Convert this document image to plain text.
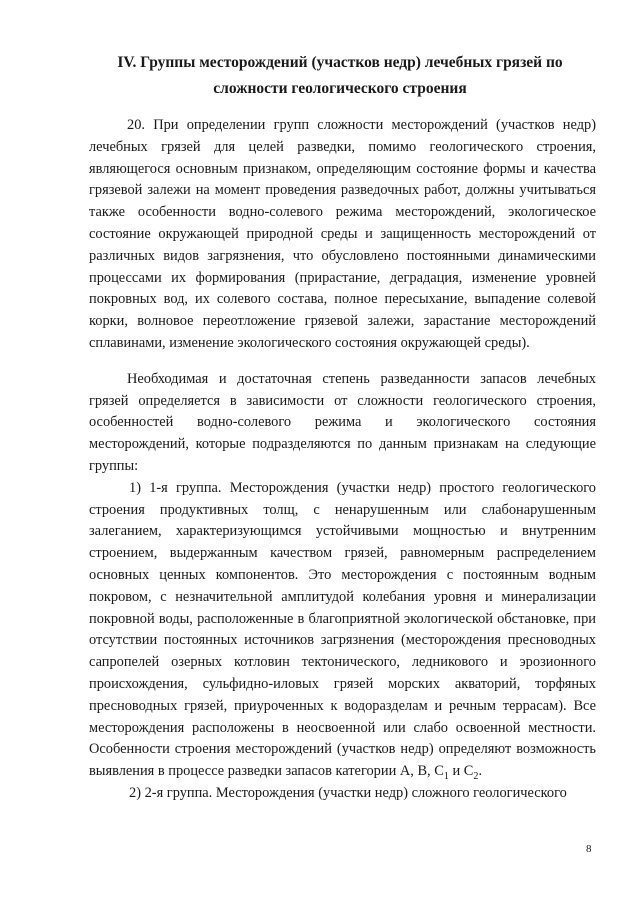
IV. Группы месторождений (участков недр) лечебных грязей по
сложности геологического строения

20. При определении групп сложности месторождений (участков недр) лечебных грязей для целей разведки, помимо геологического строения, являющегося основным признаком, определяющим состояние формы и качества грязевой залежи на момент проведения разведочных работ, должны учитываться также особенности водно-солевого режима месторождений, экологическое состояние окружающей природной среды и защищенность месторождений от различных видов загрязнения, что обусловлено постоянными динамическими процессами их формирования (прирастание, деградация, изменение уровней покровных вод, их солевого состава, полное пересыхание, выпадение солевой корки, волновое переотложение грязевой залежи, зарастание месторождений сплавинами, изменение экологического состояния окружающей среды).

Необходимая и достаточная степень разведанности запасов лечебных грязей определяется в зависимости от сложности геологического строения, особенностей водно-солевого режима и экологического состояния месторождений, которые подразделяются по данным признакам на следующие группы:

1) 1-я группа. Месторождения (участки недр) простого геологического строения продуктивных толщ, с ненарушенным или слабонарушенным залеганием, характеризующимся устойчивыми мощностью и внутренним строением, выдержанным качеством грязей, равномерным распределением основных ценных компонентов. Это месторождения с постоянным водным покровом, с незначительной амплитудой колебания уровня и минерализации покровной воды, расположенные в благоприятной экологической обстановке, при отсутствии постоянных источников загрязнения (месторождения пресноводных сапропелей озерных котловин тектонического, ледникового и эрозионного происхождения, сульфидно-иловых грязей морских акваторий, торфяных пресноводных грязей, приуроченных к водоразделам и речным террасам). Все месторождения расположены в неосвоенной или слабо освоенной местности. Особенности строения месторождений (участков недр) определяют возможность выявления в процессе разведки запасов категории А, В, $С_1$ и $С_2$.

2) 2-я группа. Месторождения (участки недр) сложного геологического

8
